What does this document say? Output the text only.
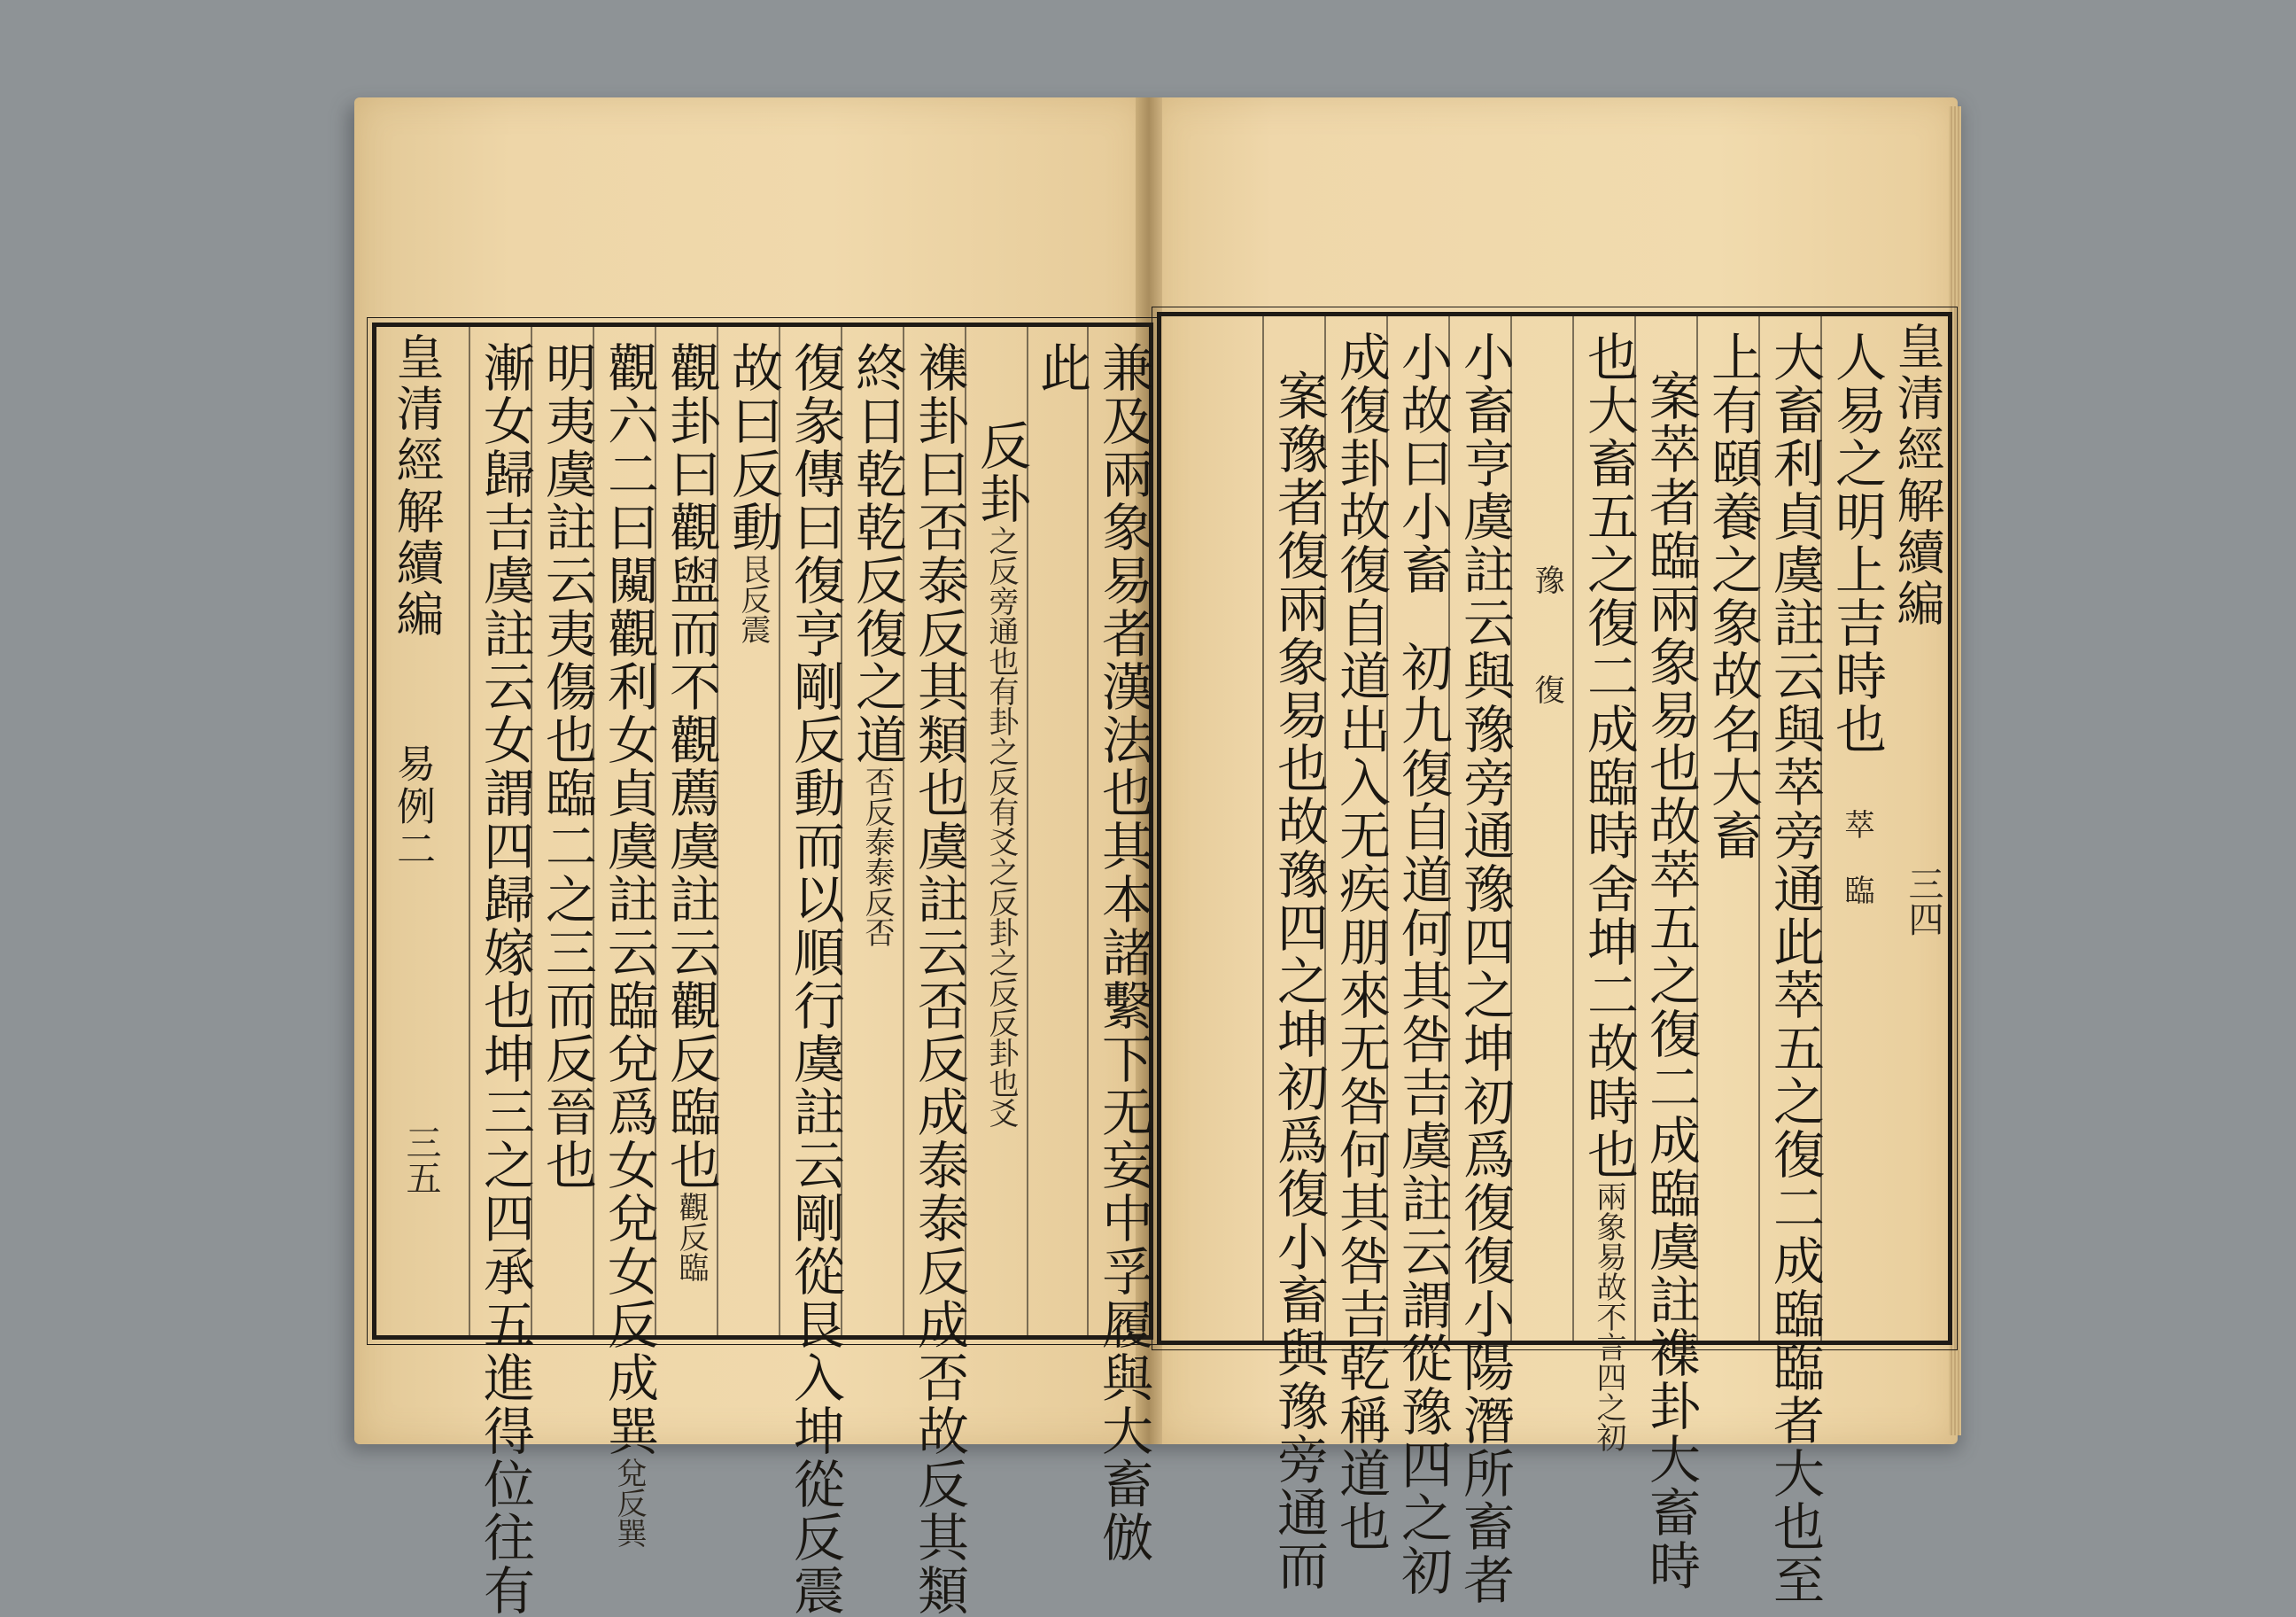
兼及兩象易者漢法也其本諸繫下无妄中孚履與大畜倣
此
反卦之反旁通也有卦之反有爻之反卦之反反卦也爻
襍卦曰否泰反其類也虞註云否反成泰泰反成否故反其類
終日乾乾反復之道否反泰泰反否
復彖傳曰復亨剛反動而以順行虞註云剛從艮入坤從反震
故曰反動艮反震
觀卦曰觀盥而不觀薦虞註云觀反臨也觀反臨
觀六二曰闚觀利女貞虞註云臨兌爲女兌女反成巽兌反巽
明夷虞註云夷傷也臨二之三而反晉也
漸女歸吉虞註云女謂四歸嫁也坤三之四承五進得位往有
皇清經解續編
易例二
三五
皇清經解續編
三四
人易之明上吉時也萃臨
大畜利貞虞註云與萃旁通此萃五之復二成臨臨者大也至
上有頤養之象故名大畜
案萃者臨兩象易也故萃五之復二成臨虞註襍卦大畜時
也大畜五之復二成臨時舍坤二故時也兩象易故不言四之初
豫復
小畜亨虞註云與豫旁通豫四之坤初爲復復小陽潛所畜者
小故曰小畜初九復自道何其咎吉虞註云謂從豫四之初
成復卦故復自道出入无疾朋來无咎何其咎吉乾稱道也
案豫者復兩象易也故豫四之坤初爲復小畜與豫旁通而
